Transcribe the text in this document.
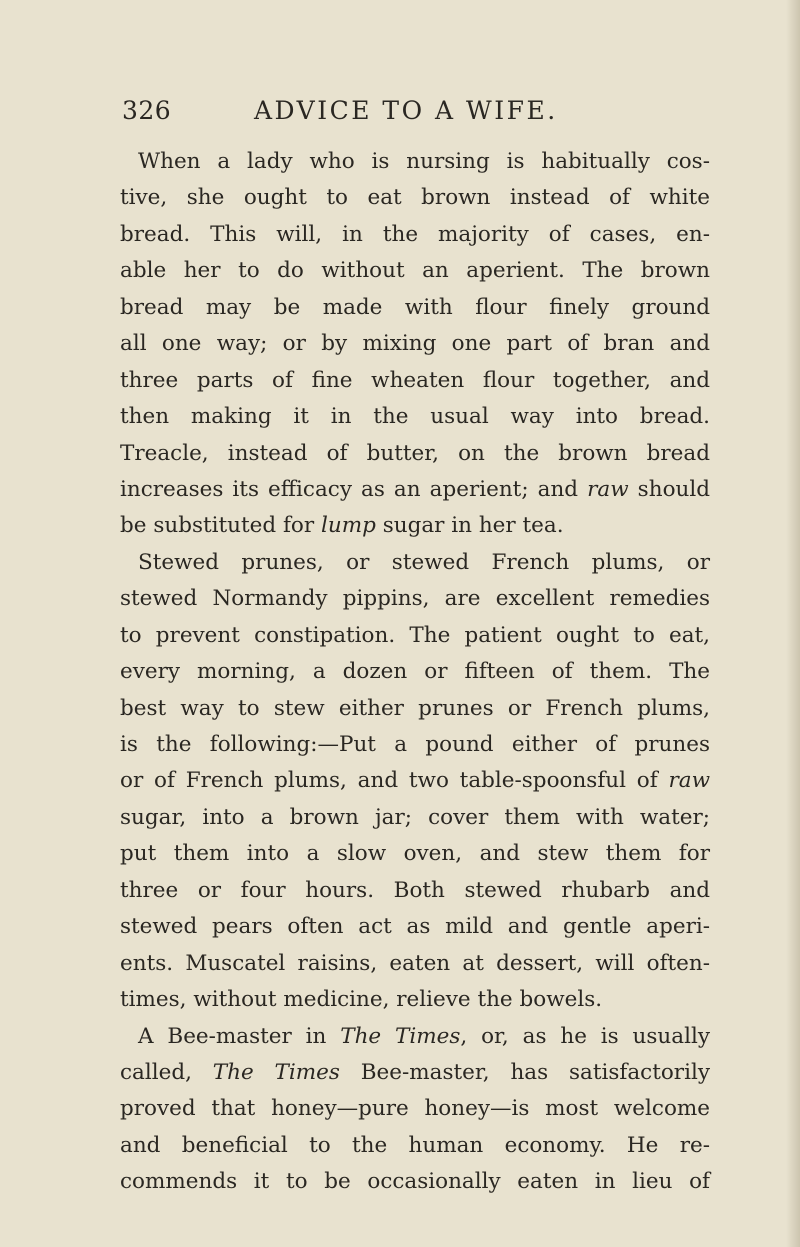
326	ADVICE TO A WIFE.
When a lady who is nursing is habitually cos-
tive, she ought to eat brown instead of white
bread. This will, in the majority of cases, en-
able her to do without an aperient. The brown
bread may be made with flour finely ground
all one way; or by mixing one part of bran and
three parts of fine wheaten flour together, and
then making it in the usual way into bread.
Treacle, instead of butter, on the brown bread
increases its efficacy as an aperient; and raw should
be substituted for lump sugar in her tea.
Stewed prunes, or stewed French plums, or
stewed Normandy pippins, are excellent remedies
to prevent constipation. The patient ought to eat,
every morning, a dozen or fifteen of them. The
best way to stew either prunes or French plums,
is the following:—Put a pound either of prunes
or of French plums, and two table-spoonsful of raw
sugar, into a brown jar; cover them with water;
put them into a slow oven, and stew them for
three or four hours. Both stewed rhubarb and
stewed pears often act as mild and gentle aperi-
ents. Muscatel raisins, eaten at dessert, will often-
times, without medicine, relieve the bowels.
A Bee-master in The Times, or, as he is usually
called, The Times Bee-master, has satisfactorily
proved that honey—pure honey—is most welcome
and beneficial to the human economy. He re-
commends it to be occasionally eaten in lieu of
